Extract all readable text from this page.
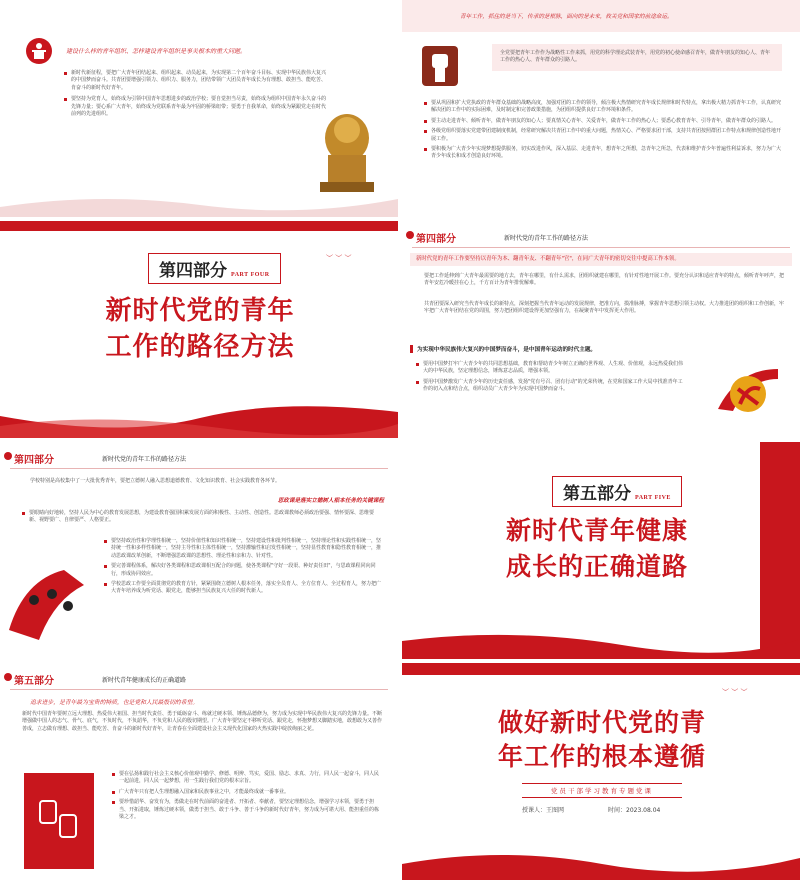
建设什么样的青年组织、怎样建设青年组织是事关根本的重大问题。
新时代新征程，要把广大青年团结起来、组织起来、动员起来，为实现第二个百年奋斗目标、实现中华民族伟大复兴的中国梦而奋斗。共青团要增强引领力、组织力、服务力，团结带领广大团员青年成长为有理想、敢担当、能吃苦、肯奋斗的新时代好青年。
要坚持为党育人，始终成为引领中国青年思想进步的政治学校；要自觉担当尽责，始终成为组织中国青年永久奋斗的先锋力量；要心系广大青年，始终成为党联系青年最为牢固的桥梁纽带；要勇于自我革命，始终成为紧跟党走在时代前列的先进组织。
青年工作，抓住的是当下，传承的是根脉，面向的是未来，攸关党和国家的前途命运。
全党要把青年工作作为战略性工作来抓，用党的科学理论武装青年，用党的初心使命感召青年，做青年朋友的知心人、青年工作的热心人、青年群众的引路人。
要从巩固和扩大党执政的青年群众基础的战略高度，加强对团的工作的领导，倾注极大热情研究青年成长规律和时代特点，拿出极大精力抓青年工作，认真研究解决团的工作中的实际困难，及时制定和完善政策措施，为团组织提供良好工作环境和条件。
要主动走进青年、倾听青年，做青年朋友的知心人；要真情关心青年、关爱青年，做青年工作的热心人；要悉心教育青年、引导青年，做青年群众的引路人。
各级党组织要落实党建带团建制度机制，经常研究解决共青团工作中的重大问题，热情关心、严格要求团干部，支持共青团按照群团工作特点和规律创造性地开展工作。
要积极为广大青少年实现梦想提供服务，切实改进作风，深入基层、走进青年，想青年之所想，急青年之所急，代表和维护青少年普遍性利益诉求，努力为广大青少年成长和成才创造良好环境。
第四部分 PART FOUR
新时代党的青年
工作的路径方法
︶ ︶ ︶
第四部分	新时代党的青年工作的路径方法
新时代党的青年工作要坚持以青年为本、翻青年友、不翻青年"官"，在同广大青年的密切交往中提高工作本领。
要把工作延伸到广大青年最需要的地方去，青年在哪里，有什么需求，团组织就建在哪里，有针对性地开展工作。要充分认识和适应青年的特点，倾听青年呼声，把青年安危冷暖挂在心上，千方百计为青年排忧解难。
共青团要深入研究当代青年成长的新特点，深刻把握当代青年运动的发展规律，把准方向，摸准脉搏，掌握青年思想引领主动权。大力推进团的组织和工作创新，牢牢把广大青年团结在党的周围，努力把团组织建设得更加坚强有力，在凝聚青年中发挥更大作用。
为实现中华民族伟大复兴的中国梦而奋斗，是中国青年运动的时代主题。
要用中国梦打牢广大青少年的共同思想基础，教育和帮助青少年树立正确的世界观、人生观、价值观，永远热爱我们伟大的中华民族，坚定理想信念，锤炼意志品质，增强本领。
要用中国梦激发广大青少年的历史责任感，发扬"党有号召、团有行动"的光荣传统，在党和国家工作大局中找准青年工作的切入点和结合点，组织动员广大青少年为实现中国梦而奋斗。
第四部分	新时代党的青年工作的路径方法
学校特别是高校集中了一大批优秀青年，要把立德树人融入思想道德教育、文化知识教育、社会实践教育各环节。
思政课是落实立德树人根本任务的关键课程
要眼睛向好地转，坚持人民为中心的教育发展思想，为建设教育强国积累发展方面的积极性、主动性、创造性。思政课教师必须政治要强、情怀要深、思维要新、视野要广、自律要严、人格要正。
要坚持政治性和学理性相统一，坚持价值性和知识性相统一，坚持建设性和批判性相统一，坚持理论性和实践性相统一，坚持统一性和多样性相统一，坚持主导性和主体性相统一，坚持灌输性和启发性相统一，坚持显性教育和隐性教育相统一，推动思政课改革创新，不断增强思政课的思想性、理论性和亲和力、针对性。
要完善课程体系，解决好各类课程和思政课相互配合的问题，使各类课程"守好一段渠、种好责任田"，与思政课程同向同行，形成协同效应。
学校思政工作要全面贯彻党的教育方针，紧紧围绕立德树人根本任务，落实全员育人、全方位育人、全过程育人，努力把广大青年培养成为听党话、跟党走，能够担当民族复兴大任的时代新人。
第五部分 PART FIVE
新时代青年健康
成长的正确道路
第五部分	新时代青年健康成长的正确道路
追求进步，是青年最为宝贵的特质，也是党和人民最殷切的希望。
新时代中国青年要树立远大理想、热爱伟大祖国、担当时代责任、勇于砥砺奋斗、练就过硬本领、锤炼品德修为，努力成为实现中华民族伟大复兴的先锋力量。不断增强做中国人的志气、骨气、底气，不负时代，不负韶华，不负党和人民的殷切期望。广大青年要坚定不移听党话、跟党走，怀抱梦想又脚踏实地，敢想敢为又善作善成，立志做有理想、敢担当、能吃苦、肯奋斗的新时代好青年，让青春在全面建设社会主义现代化国家的火热实践中绽放绚丽之花。
要在弘扬和践行社会主义核心价值观中勤学、修德、明辨、笃实，爱国、励志、求真、力行，同人民一起奋斗，同人民一起前进，同人民一起梦想，用一生践行我们党的根本宗旨。
广大青年只有把人生理想融入国家和民族事业之中，才能最终成就一番事业。
要珍惜韶华、奋发有为，勇做走在时代前面的奋进者、开拓者、奉献者，要坚定理想信念，增强学习本领，要勇于担当、开拓进取，锤炼过硬本领，做勇于担当、敢于斗争、善于斗争的新时代好青年，努力成为可堪大用、能担重任的栋梁之才。
︶ ︶ ︶
做好新时代党的青
年工作的根本遵循
党员干部学习教育专题党课
授课人：王图网	时间：2023.08.04
